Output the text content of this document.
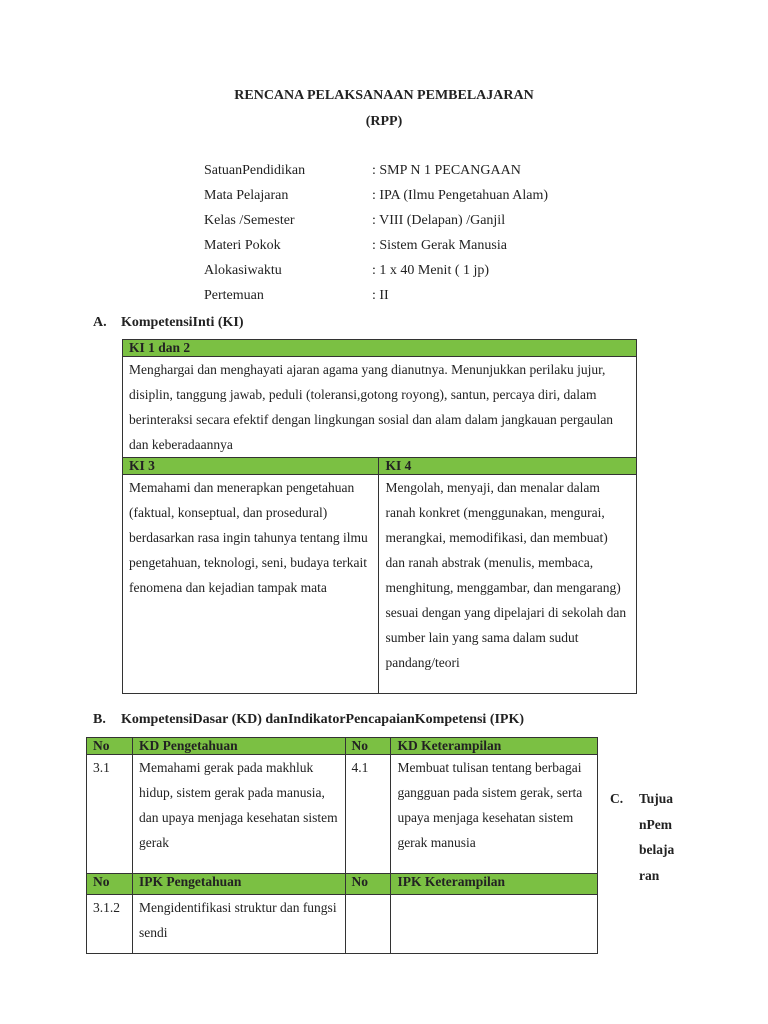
RENCANA PELAKSANAAN PEMBELAJARAN
(RPP)
SatuanPendidikan	: SMP N 1 PECANGAAN
Mata Pelajaran	: IPA (Ilmu Pengetahuan Alam)
Kelas /Semester	: VIII (Delapan) /Ganjil
Materi Pokok	: Sistem Gerak Manusia
Alokasiwaktu	: 1 x 40 Menit ( 1 jp)
Pertemuan	: II
A. KompetensiInti (KI)
KI 1 dan 2	
Menghargai dan menghayati ajaran agama yang dianutnya. Menunjukkan perilaku jujur, disiplin, tanggung jawab, peduli (toleransi,gotong royong), santun, percaya diri, dalam berinteraksi secara efektif dengan lingkungan sosial dan alam dalam jangkauan pergaulan dan keberadaannya	
KI 3	KI 4
Memahami dan menerapkan pengetahuan (faktual, konseptual, dan prosedural) berdasarkan rasa ingin tahunya tentang ilmu pengetahuan, teknologi, seni, budaya terkait fenomena dan kejadian tampak mata	Mengolah, menyaji, dan menalar dalam ranah konkret (menggunakan, mengurai, merangkai, memodifikasi, dan membuat) dan ranah abstrak (menulis, membaca, menghitung, menggambar, dan mengarang) sesuai dengan yang dipelajari di sekolah dan sumber lain yang sama dalam sudut pandang/teori
B. KompetensiDasar (KD) danIndikatorPencapaianKompetensi (IPK)
No	KD Pengetahuan	No	KD Keterampilan
3.1	Memahami gerak pada makhluk hidup, sistem gerak pada manusia, dan upaya menjaga kesehatan sistem gerak	4.1	Membuat tulisan tentang berbagai gangguan pada sistem gerak, serta upaya menjaga kesehatan sistem gerak manusia
No	IPK Pengetahuan	No	IPK Keterampilan
3.1.2	Mengidentifikasi struktur dan fungsi sendi		
C. TujuanPembelajaran
